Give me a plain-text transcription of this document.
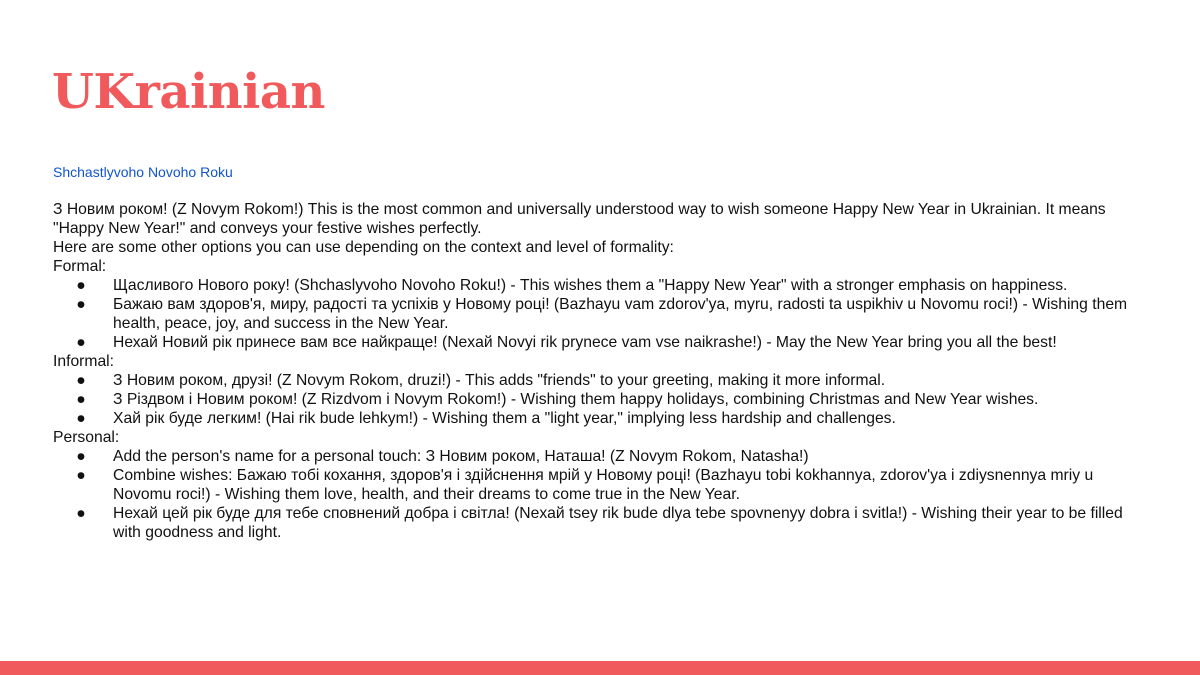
UKrainian

Shchastlyvoho Novoho Roku

З Новим роком! (Z Novym Rokom!) This is the most common and universally understood way to wish someone Happy New Year in Ukrainian. It means "Happy New Year!" and conveys your festive wishes perfectly.

Here are some other options you can use depending on the context and level of formality:

Formal:

● Щасливого Нового року! (Shchaslyvoho Novoho Roku!) - This wishes them a "Happy New Year" with a stronger emphasis on happiness.
● Бажаю вам здоров'я, миру, радості та успіхів у Новому році! (Bazhayu vam zdorov'ya, myru, radosti ta uspikhiv u Novomu roci!) - Wishing them health, peace, joy, and success in the New Year.
● Нехай Новий рік принесе вам все найкраще! (Nexaй Novyi rik prynece vam vse naikrashe!) - May the New Year bring you all the best!

Informal:

● З Новим роком, друзі! (Z Novym Rokom, druzi!) - This adds "friends" to your greeting, making it more informal.
● З Різдвом і Новим роком! (Z Rizdvom i Novym Rokom!) - Wishing them happy holidays, combining Christmas and New Year wishes.
● Хай рік буде легким! (Hai rik bude lehkym!) - Wishing them a "light year," implying less hardship and challenges.

Personal:

● Add the person's name for a personal touch: З Новим роком, Наташа! (Z Novym Rokom, Natasha!)
● Combine wishes: Бажаю тобі кохання, здоров'я і здійснення мрій у Новому році! (Bazhayu tobi kokhannya, zdorov'ya i zdiysnennya mriy u Novomu roci!) - Wishing them love, health, and their dreams to come true in the New Year.
● Нехай цей рік буде для тебе сповнений добра і світла! (Nexaй tsey rik bude dlya tebe spovnenyy dobra i svitla!) - Wishing their year to be filled with goodness and light.
